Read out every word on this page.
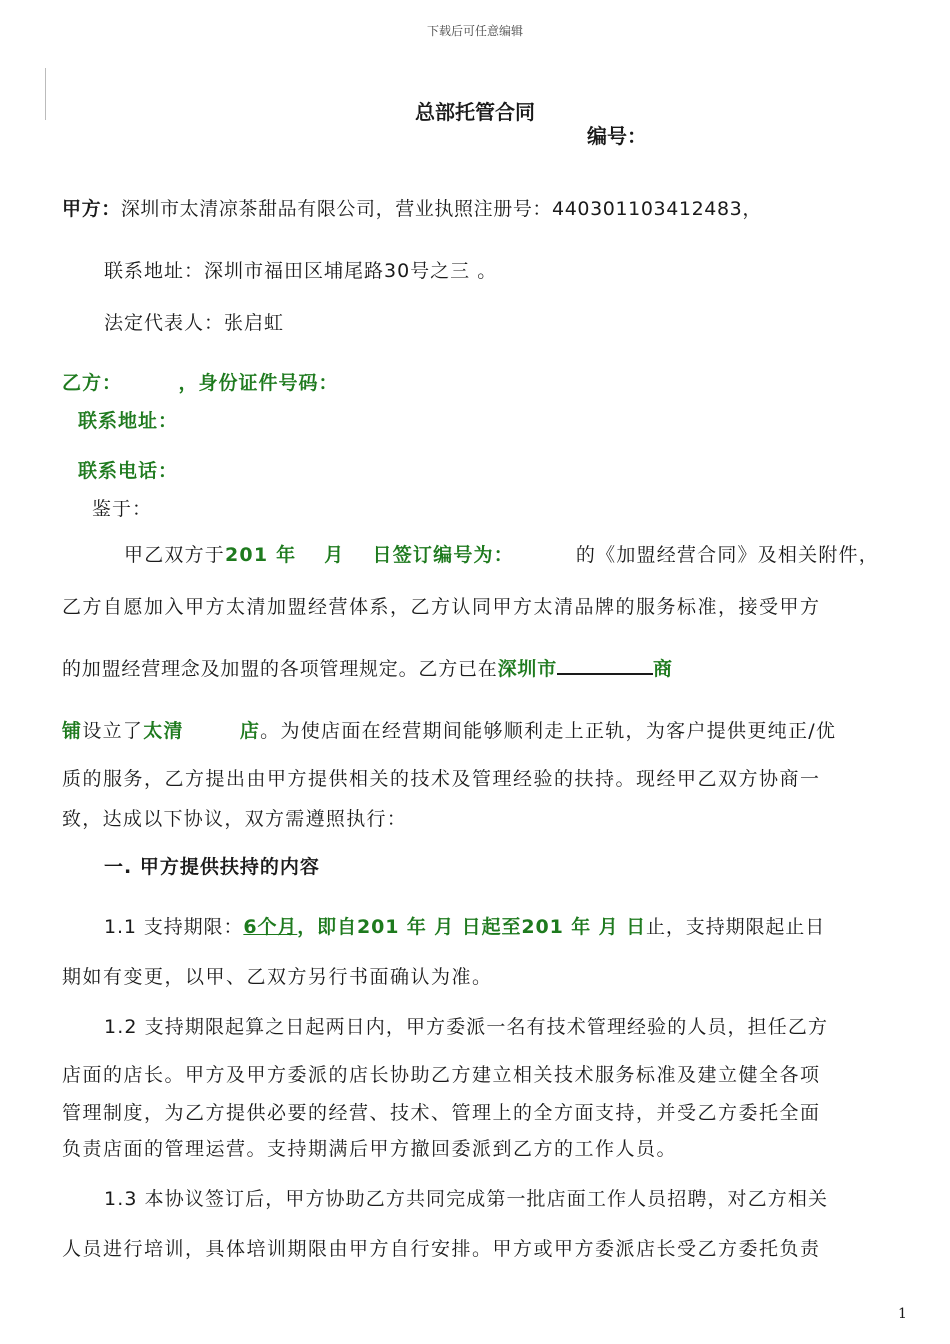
下载后可任意编辑
总部托管合同
编号：
甲方：深圳市太清凉茶甜品有限公司，营业执照注册号：440301103412483，
联系地址：深圳市福田区埔尾路30号之三 。
法定代表人：张启虹
乙方：	，身份证件号码：
联系地址：
联系电话：
鉴于：
甲乙双方于201 年　 月　 日签订编号为：	的《加盟经营合同》及相关附件，
乙方自愿加入甲方太清加盟经营体系，乙方认同甲方太清品牌的服务标准，接受甲方
的加盟经营理念及加盟的各项管理规定。乙方已在深圳市	商
铺设立了太清	店。为使店面在经营期间能够顺利走上正轨，为客户提供更纯正/优
质的服务，乙方提出由甲方提供相关的技术及管理经验的扶持。现经甲乙双方协商一
致，达成以下协议，双方需遵照执行：
一. 甲方提供扶持的内容
1.1 支持期限：6个月，即自201 年 月 日起至201 年 月 日止，支持期限起止日
期如有变更，以甲、乙双方另行书面确认为准。
1.2 支持期限起算之日起两日内，甲方委派一名有技术管理经验的人员，担任乙方
店面的店长。甲方及甲方委派的店长协助乙方建立相关技术服务标准及建立健全各项
管理制度，为乙方提供必要的经营、技术、管理上的全方面支持，并受乙方委托全面
负责店面的管理运营。支持期满后甲方撤回委派到乙方的工作人员。
1.3 本协议签订后，甲方协助乙方共同完成第一批店面工作人员招聘，对乙方相关
人员进行培训，具体培训期限由甲方自行安排。甲方或甲方委派店长受乙方委托负责
1
